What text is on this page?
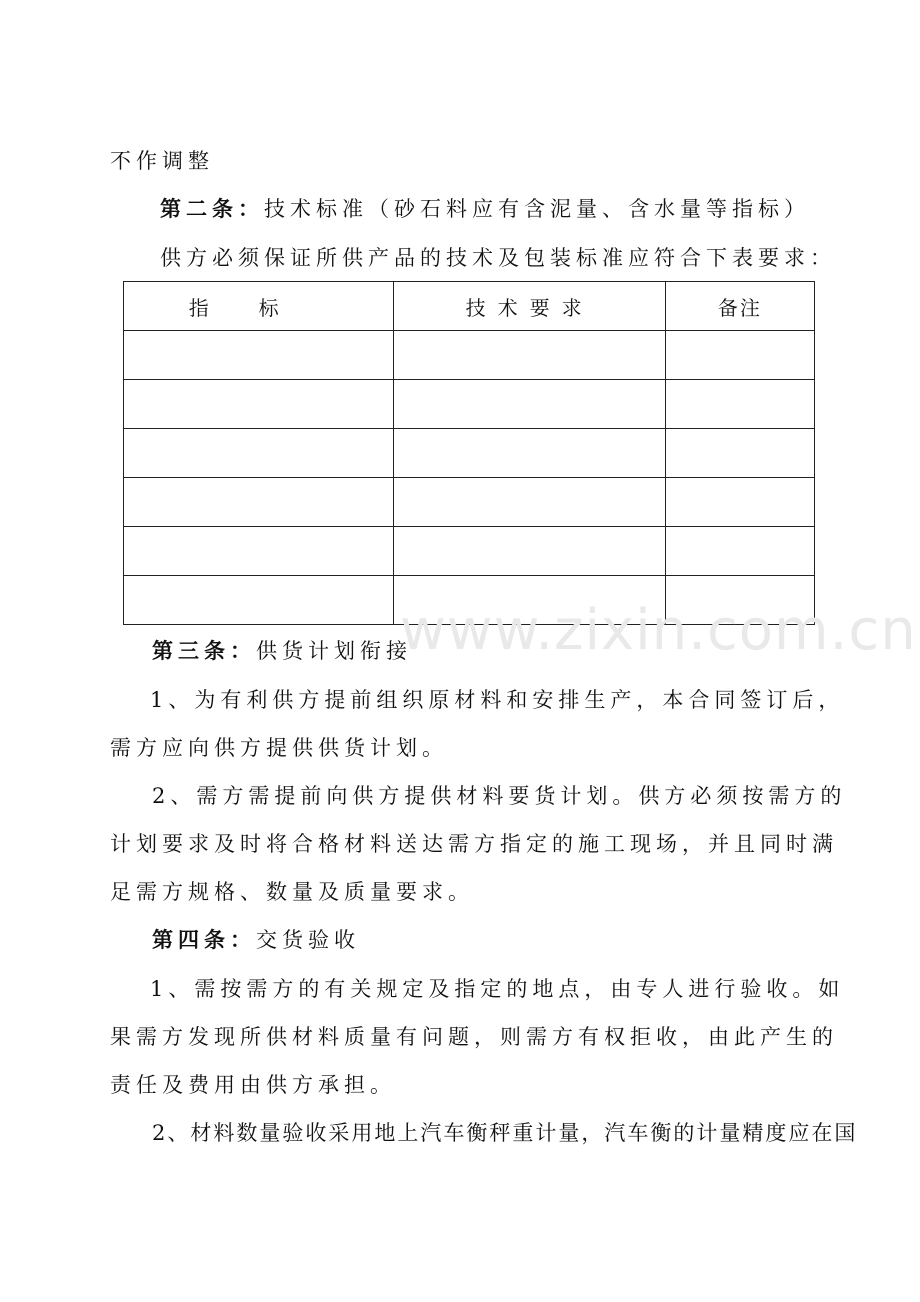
不作调整
第二条：技术标准（砂石料应有含泥量、含水量等指标）
供方必须保证所供产品的技术及包装标准应符合下表要求：
指标	技术要求	备注

www.zixin.com.cn
第三条：供货计划衔接
1、为有利供方提前组织原材料和安排生产，本合同签订后，
需方应向供方提供供货计划。
2、需方需提前向供方提供材料要货计划。供方必须按需方的
计划要求及时将合格材料送达需方指定的施工现场，并且同时满
足需方规格、数量及质量要求。
第四条：交货验收
1、需按需方的有关规定及指定的地点，由专人进行验收。如
果需方发现所供材料质量有问题，则需方有权拒收，由此产生的
责任及费用由供方承担。
2、材料数量验收采用地上汽车衡秤重计量，汽车衡的计量精度应在国
